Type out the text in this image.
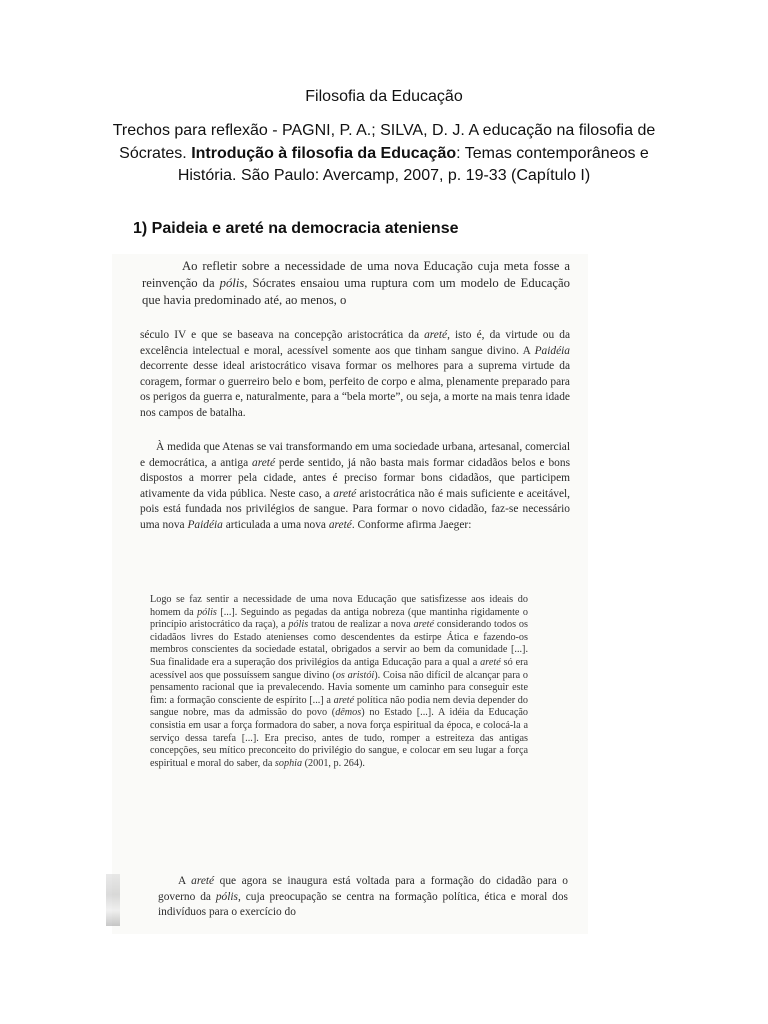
Filosofia da Educação

Trechos para reflexão - PAGNI, P. A.; SILVA, D. J. A educação na filosofia de Sócrates. Introdução à filosofia da Educação: Temas contemporâneos e História. São Paulo: Avercamp, 2007, p. 19-33 (Capítulo I)

1) Paideia e areté na democracia ateniense

Ao refletir sobre a necessidade de uma nova Educação cuja meta fosse a reinvenção da pólis, Sócrates ensaiou uma ruptura com um modelo de Educação que havia predominado até, ao menos, o

século IV e que se baseava na concepção aristocrática da areté, isto é, da virtude ou da excelência intelectual e moral, acessível somente aos que tinham sangue divino. A Paidéia decorrente desse ideal aristocrático visava formar os melhores para a suprema virtude da coragem, formar o guerreiro belo e bom, perfeito de corpo e alma, plenamente preparado para os perigos da guerra e, naturalmente, para a “bela morte”, ou seja, a morte na mais tenra idade nos campos de batalha.

À medida que Atenas se vai transformando em uma sociedade urbana, artesanal, comercial e democrática, a antiga areté perde sentido, já não basta mais formar cidadãos belos e bons dispostos a morrer pela cidade, antes é preciso formar bons cidadãos, que participem ativamente da vida pública. Neste caso, a areté aristocrática não é mais suficiente e aceitável, pois está fundada nos privilégios de sangue. Para formar o novo cidadão, faz-se necessário uma nova Paidéia articulada a uma nova areté. Conforme afirma Jaeger:

Logo se faz sentir a necessidade de uma nova Educação que satisfizesse aos ideais do homem da pólis [...]. Seguindo as pegadas da antiga nobreza (que mantinha rigidamente o princípio aristocrático da raça), a pólis tratou de realizar a nova areté considerando todos os cidadãos livres do Estado atenienses como descendentes da estirpe Ática e fazendo-os membros conscientes da sociedade estatal, obrigados a servir ao bem da comunidade [...]. Sua finalidade era a superação dos privilégios da antiga Educação para a qual a areté só era acessível aos que possuíssem sangue divino (os aristói). Coisa não difícil de alcançar para o pensamento racional que ia prevalecendo. Havia somente um caminho para conseguir este fim: a formação consciente de espírito [...] a areté política não podia nem devia depender do sangue nobre, mas da admissão do povo (dêmos) no Estado [...]. A idéia da Educação consistia em usar a força formadora do saber, a nova força espiritual da época, e colocá-la a serviço dessa tarefa [...]. Era preciso, antes de tudo, romper a estreiteza das antigas concepções, seu mítico preconceito do privilégio do sangue, e colocar em seu lugar a força espiritual e moral do saber, da sophia (2001, p. 264).

A areté que agora se inaugura está voltada para a formação do cidadão para o governo da pólis, cuja preocupação se centra na formação política, ética e moral dos indivíduos para o exercício do
